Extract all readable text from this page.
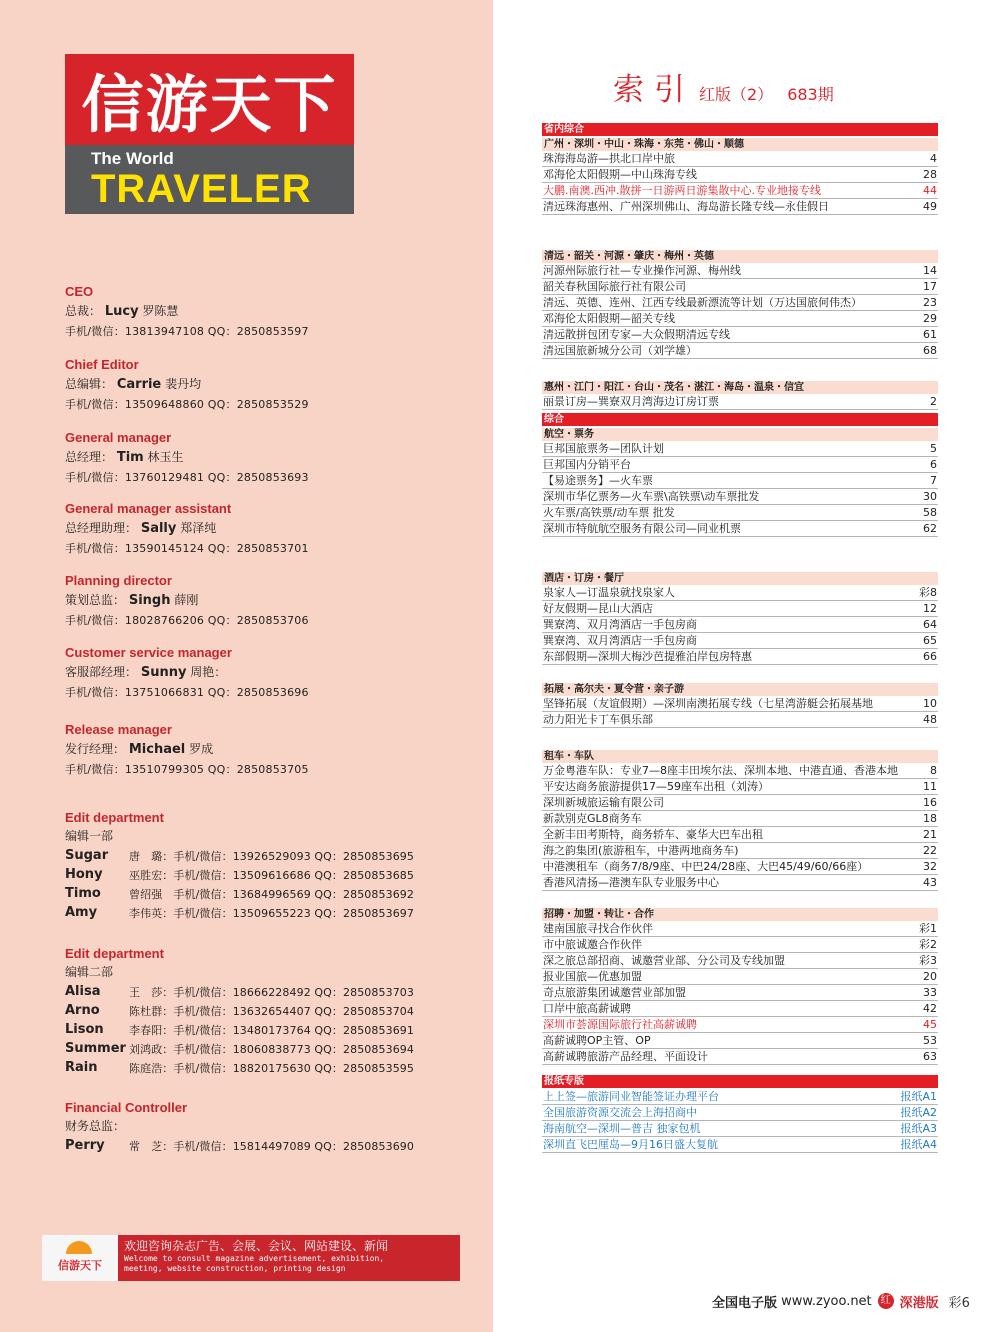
信游天下
The World
TRAVELER
CEO
总裁： Lucy 罗陈慧
手机/微信：13813947108 QQ：2850853597
Chief Editor
总编辑： Carrie 裴丹均
手机/微信：13509648860 QQ：2850853529
General manager
总经理： Tim 林玉生
手机/微信：13760129481 QQ：2850853693
General manager assistant
总经理助理： Sally 郑泽纯
手机/微信：13590145124 QQ：2850853701
Planning director
策划总监： Singh 薛刚
手机/微信：18028766206 QQ：2850853706
Customer service manager
客服部经理： Sunny 周艳：
手机/微信：13751066831 QQ：2850853696
Release manager
发行经理： Michael 罗成
手机/微信：13510799305 QQ：2850853705
Edit department
编辑一部
Sugar	唐　璐：手机/微信：13926529093 QQ：2850853695
Hony	巫胜宏：手机/微信：13509616686 QQ：2850853685
Timo	曾绍强　手机/微信：13684996569 QQ：2850853692
Amy	李伟英：手机/微信：13509655223 QQ：2850853697
Edit department
编辑二部
Alisa	王　莎：手机/微信：18666228492 QQ：2850853703
Arno	陈杜群：手机/微信：13632654407 QQ：2850853704
Lison	李春阳：手机/微信：13480173764 QQ：2850853691
Summer 刘鸿政：手机/微信：18060838773 QQ：2850853694
Rain	陈庭浩：手机/微信：18820175630 QQ：2850853595
Financial Controller
财务总监：
Perry	常　芝：手机/微信：15814497089 QQ：2850853690
信游天下
欢迎咨询杂志广告、会展、会议、网站建设、新闻
Welcome to consult magazine advertisement, exhibition,
meeting, website construction, printing design
索引 红版（2） 683期
省内综合
广州・深圳・中山・珠海・东莞・佛山・顺德
珠海海岛游—拱北口岸中旅	4
邓海伦太阳假期—中山珠海专线	28
大鹏.南澳.西冲.散拼一日游两日游集散中心.专业地接专线	44
清远珠海惠州、广州深圳佛山、海岛游长隆专线—永佳假日	49
清远・韶关・河源・肇庆・梅州・英德
河源州际旅行社—专业操作河源、梅州线	14
韶关春秋国际旅行社有限公司	17
清远、英德、连州、江西专线最新漂流等计划（万达国旅何伟杰）	23
邓海伦太阳假期—韶关专线	29
清远散拼包团专家—大众假期清远专线	61
清远国旅新城分公司（刘学雄）	68
惠州・江门・阳江・台山・茂名・湛江・海岛・温泉・信宜
丽景订房—巽寮双月湾海边订房订票	2
综合
航空・票务
巨邦国旅票务—团队计划	5
巨邦国内分销平台	6
【易途票务】—火车票	7
深圳市华亿票务—火车票\高铁票\动车票批发	30
火车票/高铁票/动车票 批发	58
深圳市特航航空服务有限公司—同业机票	62
酒店・订房・餐厅
泉家人—订温泉就找泉家人	彩8
好友假期—昆山大酒店	12
巽寮湾、双月湾酒店一手包房商	64
巽寮湾、双月湾酒店一手包房商	65
东部假期—深圳大梅沙芭提雅泊岸包房特惠	66
拓展・高尔夫・夏令营・亲子游
坚锋拓展（友谊假期）—深圳南澳拓展专线（七星湾游艇会拓展基地	10
动力阳光卡丁车俱乐部	48
租车・车队
万金粤港车队：专业7—8座丰田埃尔法、深圳本地、中港直通、香港本地	8
平安达商务旅游提供17—59座车出租（刘涛）	11
深圳新城旅运输有限公司	16
新款别克GL8商务车	18
全新丰田考斯特，商务轿车、豪华大巴车出租	21
海之韵集团(旅游租车，中港两地商务车)	22
中港澳租车（商务7/8/9座、中巴24/28座、大巴45/49/60/66座）	32
香港风清扬—港澳车队专业服务中心	43
招聘・加盟・转让・合作
建南国旅寻找合作伙伴	彩1
市中旅诚邀合作伙伴	彩2
深之旅总部招商、诚邀营业部、分公司及专线加盟	彩3
报业国旅—优惠加盟	20
奇点旅游集团诚邀营业部加盟	33
口岸中旅高薪诚聘	42
深圳市荟源国际旅行社高薪诚聘	45
高薪诚聘OP主管、OP	53
高薪诚聘旅游产品经理、平面设计	63
报纸专版
上上签—旅游同业智能签证办理平台	报纸A1
全国旅游资源交流会上海招商中	报纸A2
海南航空—深圳—普吉 独家包机	报纸A3
深圳直飞巴厘岛—9月16日盛大复航	报纸A4
全国电子版
www.zyoo.net 红 深港版 彩6
